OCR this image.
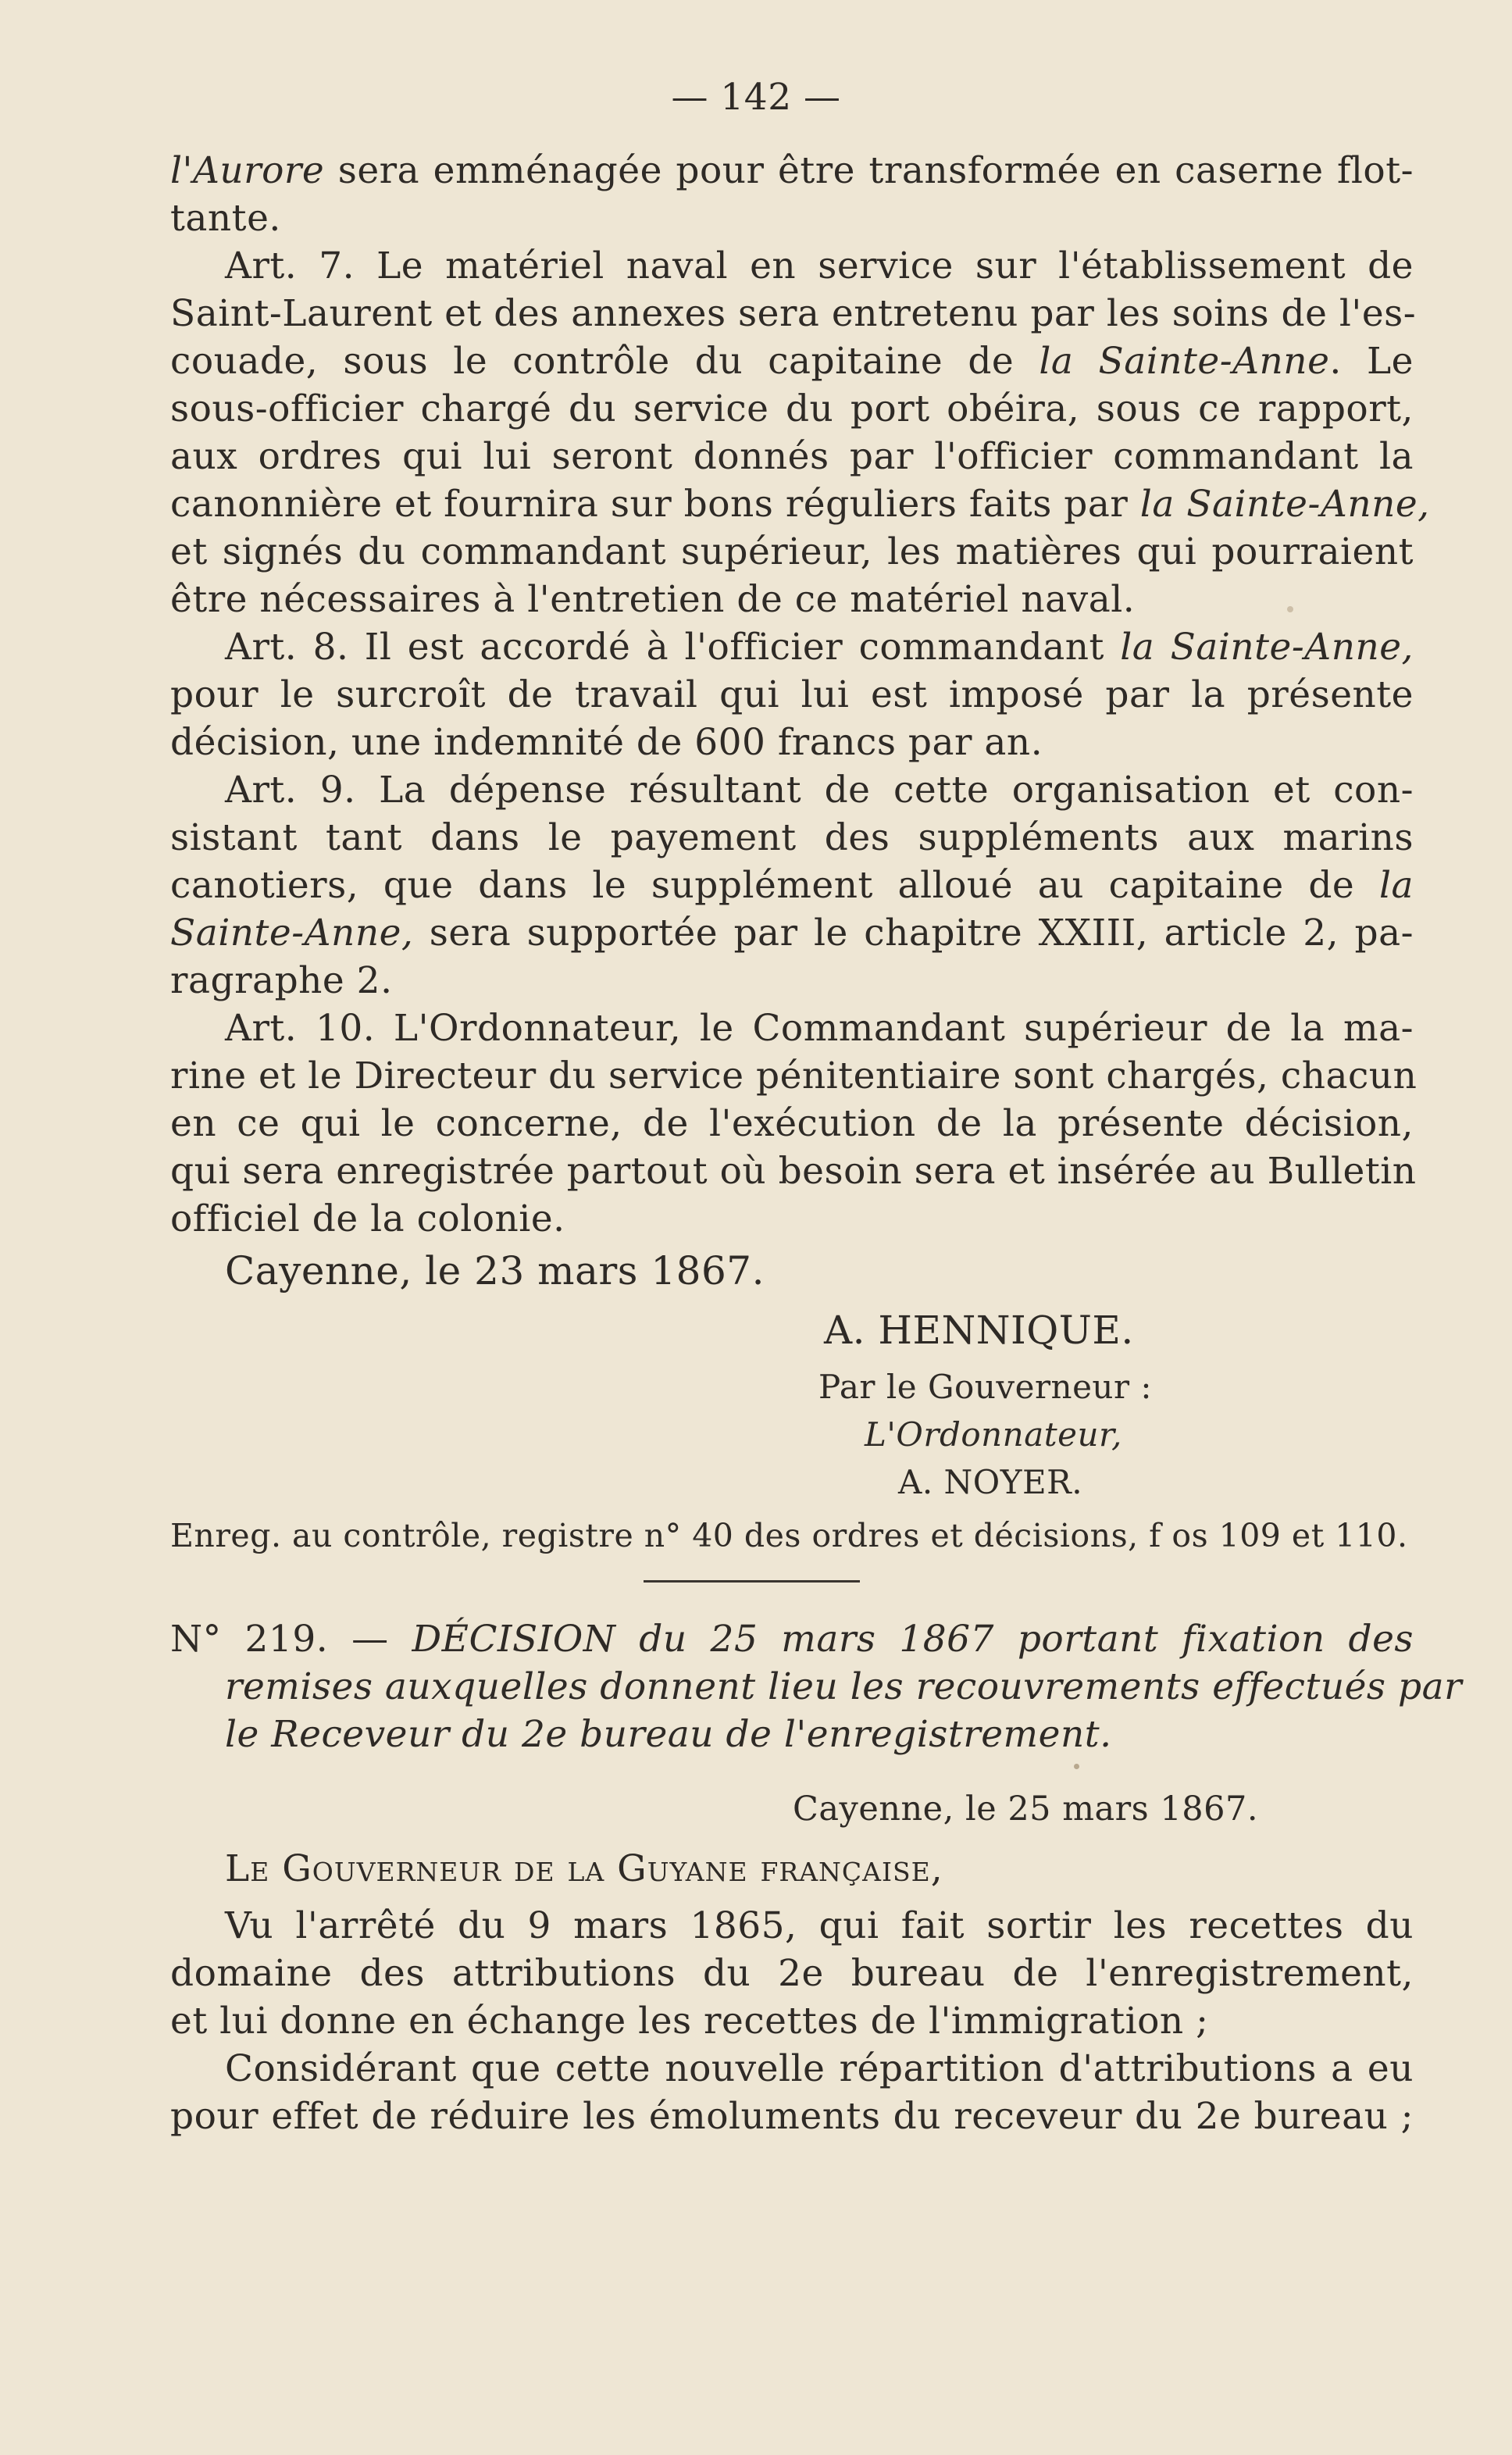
— 142 —
l'Aurore sera emménagée pour être transformée en caserne flot-
tante.
Art. 7. Le matériel naval en service sur l'établissement de
Saint-Laurent et des annexes sera entretenu par les soins de l'es-
couade, sous le contrôle du capitaine de la Sainte-Anne. Le
sous-officier chargé du service du port obéira, sous ce rapport,
aux ordres qui lui seront donnés par l'officier commandant la
canonnière et fournira sur bons réguliers faits par la Sainte-Anne,
et signés du commandant supérieur, les matières qui pourraient
être nécessaires à l'entretien de ce matériel naval.
Art. 8. Il est accordé à l'officier commandant la Sainte-Anne,
pour le surcroît de travail qui lui est imposé par la présente
décision, une indemnité de 600 francs par an.
Art. 9. La dépense résultant de cette organisation et con-
sistant tant dans le payement des suppléments aux marins
canotiers, que dans le supplément alloué au capitaine de la
Sainte-Anne, sera supportée par le chapitre XXIII, article 2, pa-
ragraphe 2.
Art. 10. L'Ordonnateur, le Commandant supérieur de la ma-
rine et le Directeur du service pénitentiaire sont chargés, chacun
en ce qui le concerne, de l'exécution de la présente décision,
qui sera enregistrée partout où besoin sera et insérée au Bulletin
officiel de la colonie.
Cayenne, le 23 mars 1867.
A. HENNIQUE.
Par le Gouverneur :
L'Ordonnateur,
A. NOYER.
Enreg. au contrôle, registre n° 40 des ordres et décisions, f os 109 et 110.
N° 219. — DÉCISION du 25 mars 1867 portant fixation des
remises auxquelles donnent lieu les recouvrements effectués par
le Receveur du 2e bureau de l'enregistrement.
Cayenne, le 25 mars 1867.
Le Gouverneur de la Guyane française,
Vu l'arrêté du 9 mars 1865, qui fait sortir les recettes du
domaine des attributions du 2e bureau de l'enregistrement,
et lui donne en échange les recettes de l'immigration ;
Considérant que cette nouvelle répartition d'attributions a eu
pour effet de réduire les émoluments du receveur du 2e bureau ;
